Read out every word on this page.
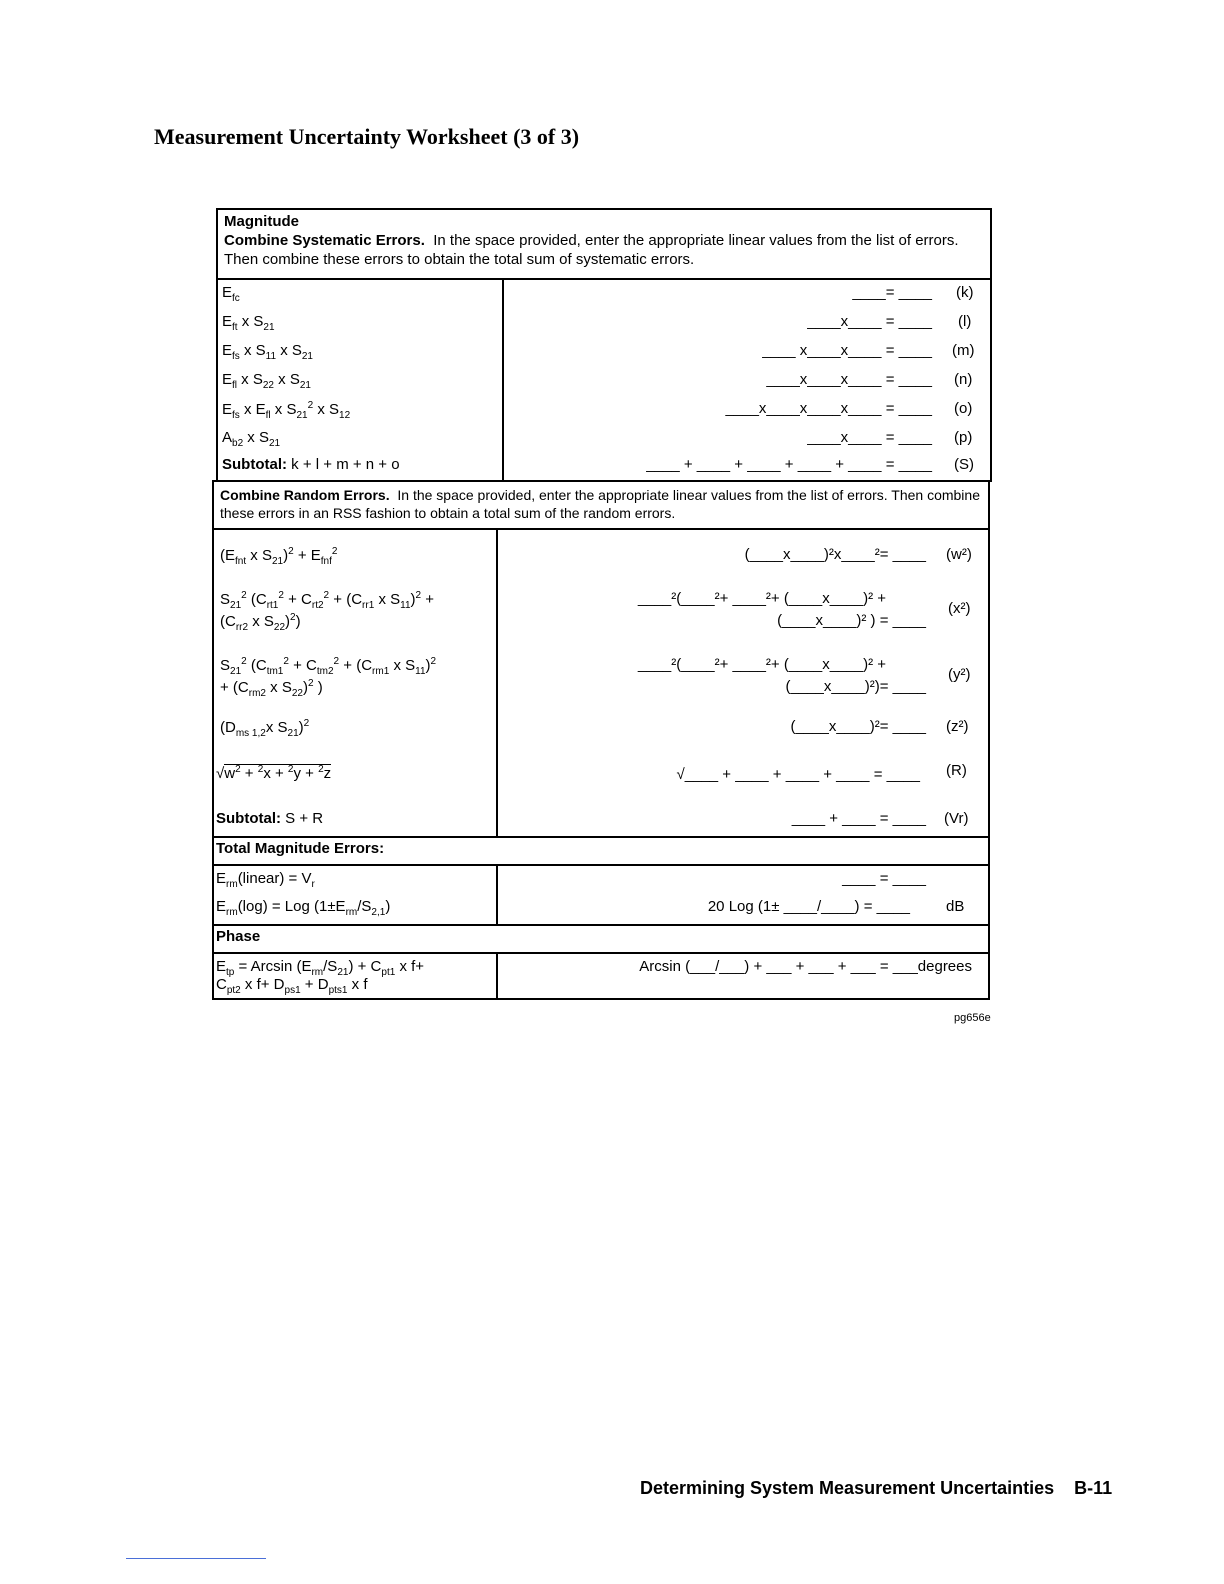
Measurement Uncertainty Worksheet (3 of 3)
Magnitude
Combine Systematic Errors. In the space provided, enter the appropriate linear values from the list of errors. Then combine these errors to obtain the total sum of systematic errors.
$E_{fc}$
$E_{ft}$ x $S_{21}$
$E_{fs}$ x $S_{11}$ x $S_{21}$
$E_{fl}$ x $S_{22}$ x $S_{21}$
$E_{fs}$ x $E_{fl}$ x $S_{21}^2$ x $S_{12}$
$A_{b2}$ x $S_{21}$
Subtotal: k + l + m + n + o
____= ____
____x____ = ____
____ x____x____ = ____
____x____x____ = ____
____x____x____x____ = ____
____x____ = ____
____ + ____ + ____ + ____ + ____ = ____
(k)
(l)
(m)
(n)
(o)
(p)
(S)
Combine Random Errors. In the space provided, enter the appropriate linear values from the list of errors. Then combine these errors in an RSS fashion to obtain a total sum of the random errors.
($E_{fnt}$ x $S_{21})^2 + E_{fnf}^2$
$S_{21}^2$ ($C_{rt1}^2 + C_{rt2}^2 + (C_{rr1}$ x $S_{11})^2$ +
($C_{rr2}$ x $S_{22})^2$)
$S_{21}^2$ ($C_{tm1}^2 + C_{tm2}^2 + (C_{rm1}$ x $S_{11})^2$
+ ($C_{rm2}$ x $S_{22})^2$ )
($D_{ms 1,2}x$ $S_{21})^2$
$√w^2 + ^2x + ^2y + ^2z$
Subtotal: S + R
(____x____)²x____²= ____
____²(____²+ ____²+ (____x____)² +
(____x____)² ) = ____
____²(____²+ ____²+ (____x____)² +
(____x____)²)= ____
(____x____)²= ____
√____ + ____ + ____ + ____ = ____
____ + ____ = ____
(w²)
(x²)
(y²)
(z²)
(R)
(Vr)
Total Magnitude Errors:
$E_{rm}(linear) = V_r$
$E_{rm}(\log)$ = Log $(1\pm E_{rm}/S_{2,1})$
____ = ____
20 Log (1± ____/____) = ____ dB
Phase
$E_{tp} = Arcsin$ $(E_{rm}/S_{21}) + C_{pt1}$ x f+
$C_{pt2}$ x $f+ D_{ps1} + D_{pts1}$ x f
Arcsin (___/___) + ___ + ___ + ___ = ___degrees
pg656e
Determining System Measurement Uncertainties    B-11
